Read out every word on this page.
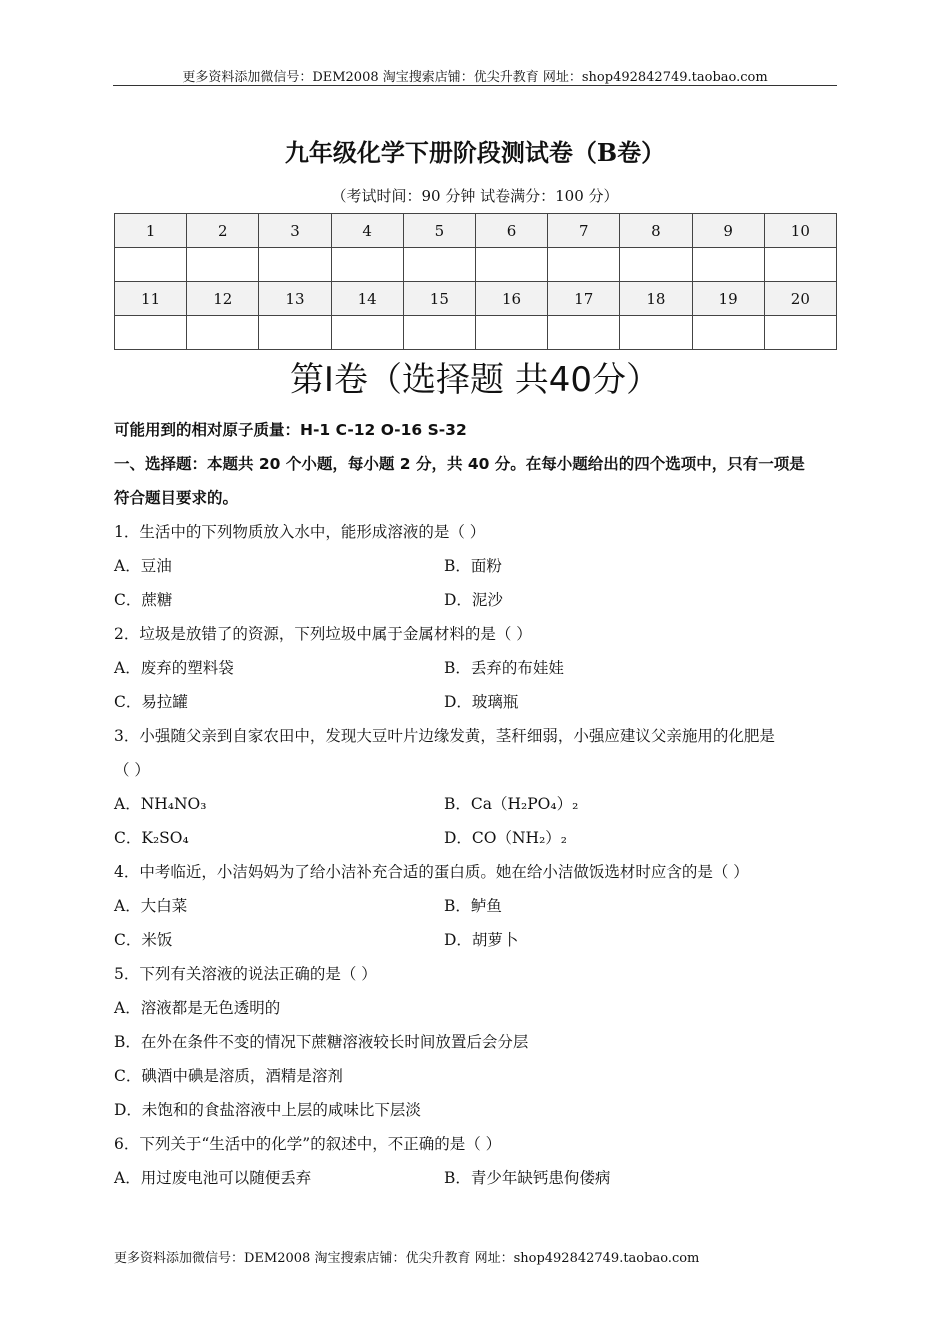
更多资料添加微信号：DEM2008 淘宝搜索店铺：优尖升教育 网址：shop492842749.taobao.com
九年级化学下册阶段测试卷（B卷）
（考试时间：90 分钟 试卷满分：100 分）
1	2	3	4	5	6	7	8	9	10

11	12	13	14	15	16	17	18	19	20

第Ⅰ卷（选择题 共40分）
可能用到的相对原子质量：H-1 C-12 O-16 S-32
一、选择题：本题共 20 个小题，每小题 2 分，共 40 分。在每小题给出的四个选项中，只有一项是
符合题目要求的。
1．生活中的下列物质放入水中，能形成溶液的是（ ）
A．豆油	B．面粉
C．蔗糖	D．泥沙
2．垃圾是放错了的资源，下列垃圾中属于金属材料的是（ ）
A．废弃的塑料袋	B．丢弃的布娃娃
C．易拉罐	D．玻璃瓶
3．小强随父亲到自家农田中，发现大豆叶片边缘发黄，茎秆细弱，小强应建议父亲施用的化肥是
（ ）
A．NH₄NO₃	B．Ca（H₂PO₄）₂
C．K₂SO₄	D．CO（NH₂）₂
4．中考临近，小洁妈妈为了给小洁补充合适的蛋白质。她在给小洁做饭选材时应含的是（ ）
A．大白菜	B．鲈鱼
C．米饭	D．胡萝卜
5．下列有关溶液的说法正确的是（ ）
A．溶液都是无色透明的
B．在外在条件不变的情况下蔗糖溶液较长时间放置后会分层
C．碘酒中碘是溶质，酒精是溶剂
D．未饱和的食盐溶液中上层的咸味比下层淡
6．下列关于“生活中的化学”的叙述中，不正确的是（ ）
A．用过废电池可以随便丢弃	B．青少年缺钙患佝偻病
更多资料添加微信号：DEM2008 淘宝搜索店铺：优尖升教育 网址：shop492842749.taobao.com
